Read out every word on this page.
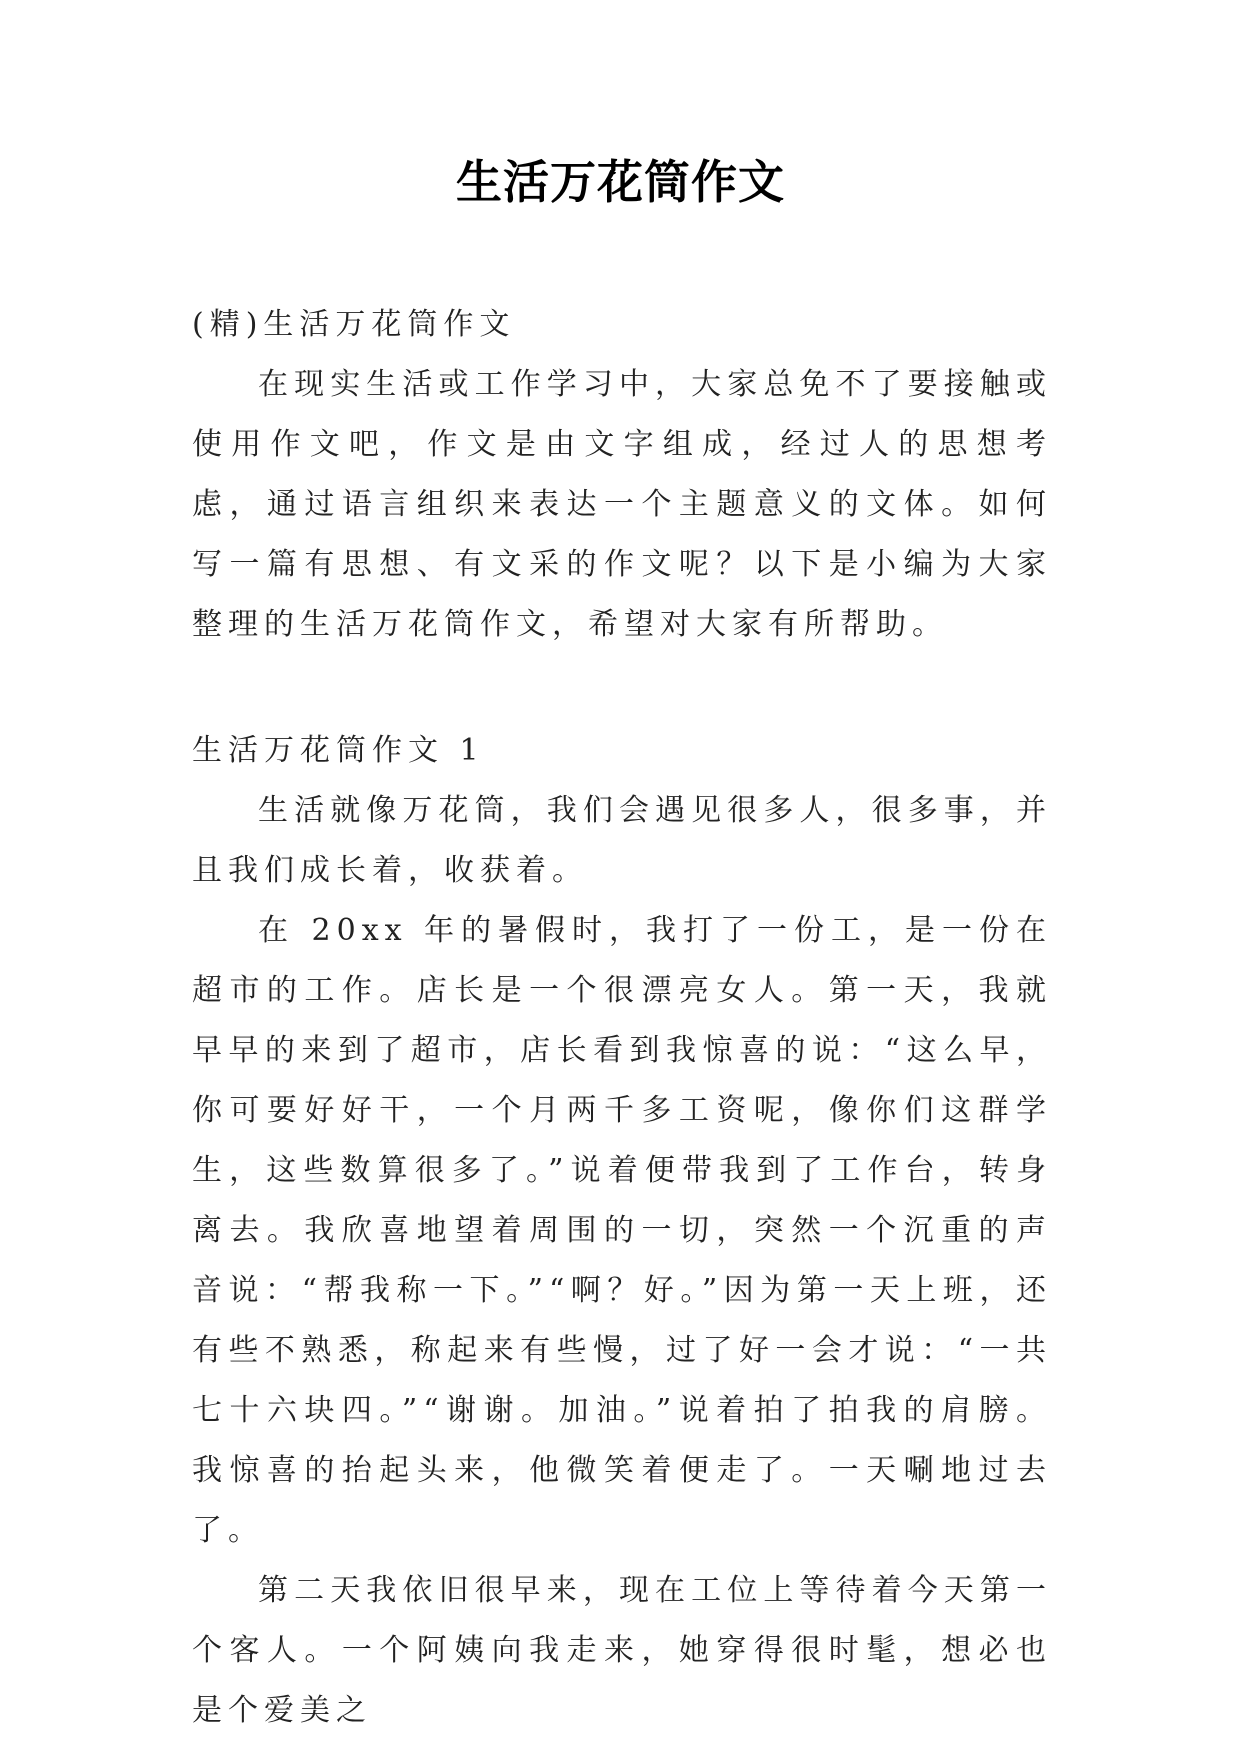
生活万花筒作文

(精)生活万花筒作文

在现实生活或工作学习中，大家总免不了要接触或使用作文吧，作文是由文字组成，经过人的思想考虑，通过语言组织来表达一个主题意义的文体。如何写一篇有思想、有文采的作文呢？以下是小编为大家整理的生活万花筒作文，希望对大家有所帮助。

生活万花筒作文 1

生活就像万花筒，我们会遇见很多人，很多事，并且我们成长着，收获着。

在 20xx 年的暑假时，我打了一份工，是一份在超市的工作。店长是一个很漂亮女人。第一天，我就早早的来到了超市，店长看到我惊喜的说：“这么早，你可要好好干，一个月两千多工资呢，像你们这群学生，这些数算很多了。”说着便带我到了工作台，转身离去。我欣喜地望着周围的一切，突然一个沉重的声音说：“帮我称一下。”“啊？好。”因为第一天上班，还有些不熟悉，称起来有些慢，过了好一会才说：“一共七十六块四。”“谢谢。加油。”说着拍了拍我的肩膀。我惊喜的抬起头来，他微笑着便走了。一天唰地过去了。

第二天我依旧很早来，现在工位上等待着今天第一个客人。一个阿姨向我走来，她穿得很时髦，想必也是个爱美之
